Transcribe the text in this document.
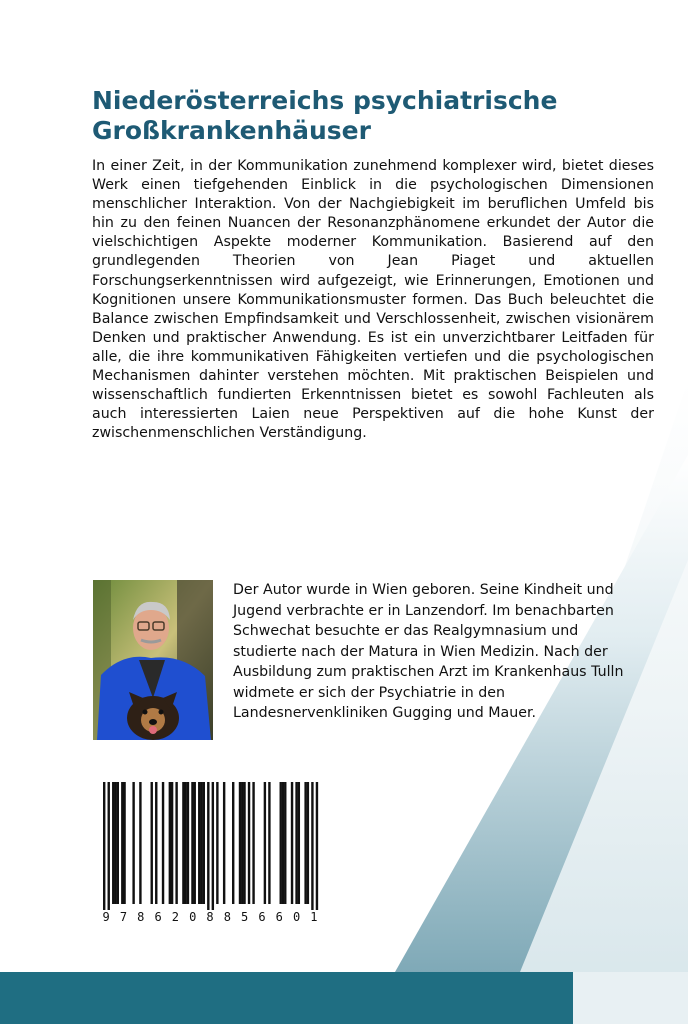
Niederösterreichs psychiatrische Großkrankenhäuser

In einer Zeit, in der Kommunikation zunehmend komplexer wird, bietet dieses Werk einen tiefgehenden Einblick in die psychologischen Dimensionen menschlicher Interaktion. Von der Nachgiebigkeit im beruflichen Umfeld bis hin zu den feinen Nuancen der Resonanzphänomene erkundet der Autor die vielschichtigen Aspekte moderner Kommunikation. Basierend auf den grundlegenden Theorien von Jean Piaget und aktuellen Forschungserkenntnissen wird aufgezeigt, wie Erinnerungen, Emotionen und Kognitionen unsere Kommunikationsmuster formen. Das Buch beleuchtet die Balance zwischen Empfindsamkeit und Verschlossenheit, zwischen visionärem Denken und praktischer Anwendung. Es ist ein unverzichtbarer Leitfaden für alle, die ihre kommunikativen Fähigkeiten vertiefen und die psychologischen Mechanismen dahinter verstehen möchten. Mit praktischen Beispielen und wissenschaftlich fundierten Erkenntnissen bietet es sowohl Fachleuten als auch interessierten Laien neue Perspektiven auf die hohe Kunst der zwischenmenschlichen Verständigung.

Der Autor wurde in Wien geboren. Seine Kindheit und Jugend verbrachte er in Lanzendorf. Im benachbarten Schwechat besuchte er das Realgymnasium und studierte nach der Matura in Wien Medizin. Nach der Ausbildung zum praktischen Arzt im Krankenhaus Tulln widmete er sich der Psychiatrie in den Landesnervenkliniken Gugging und Mauer.

9786208856601
